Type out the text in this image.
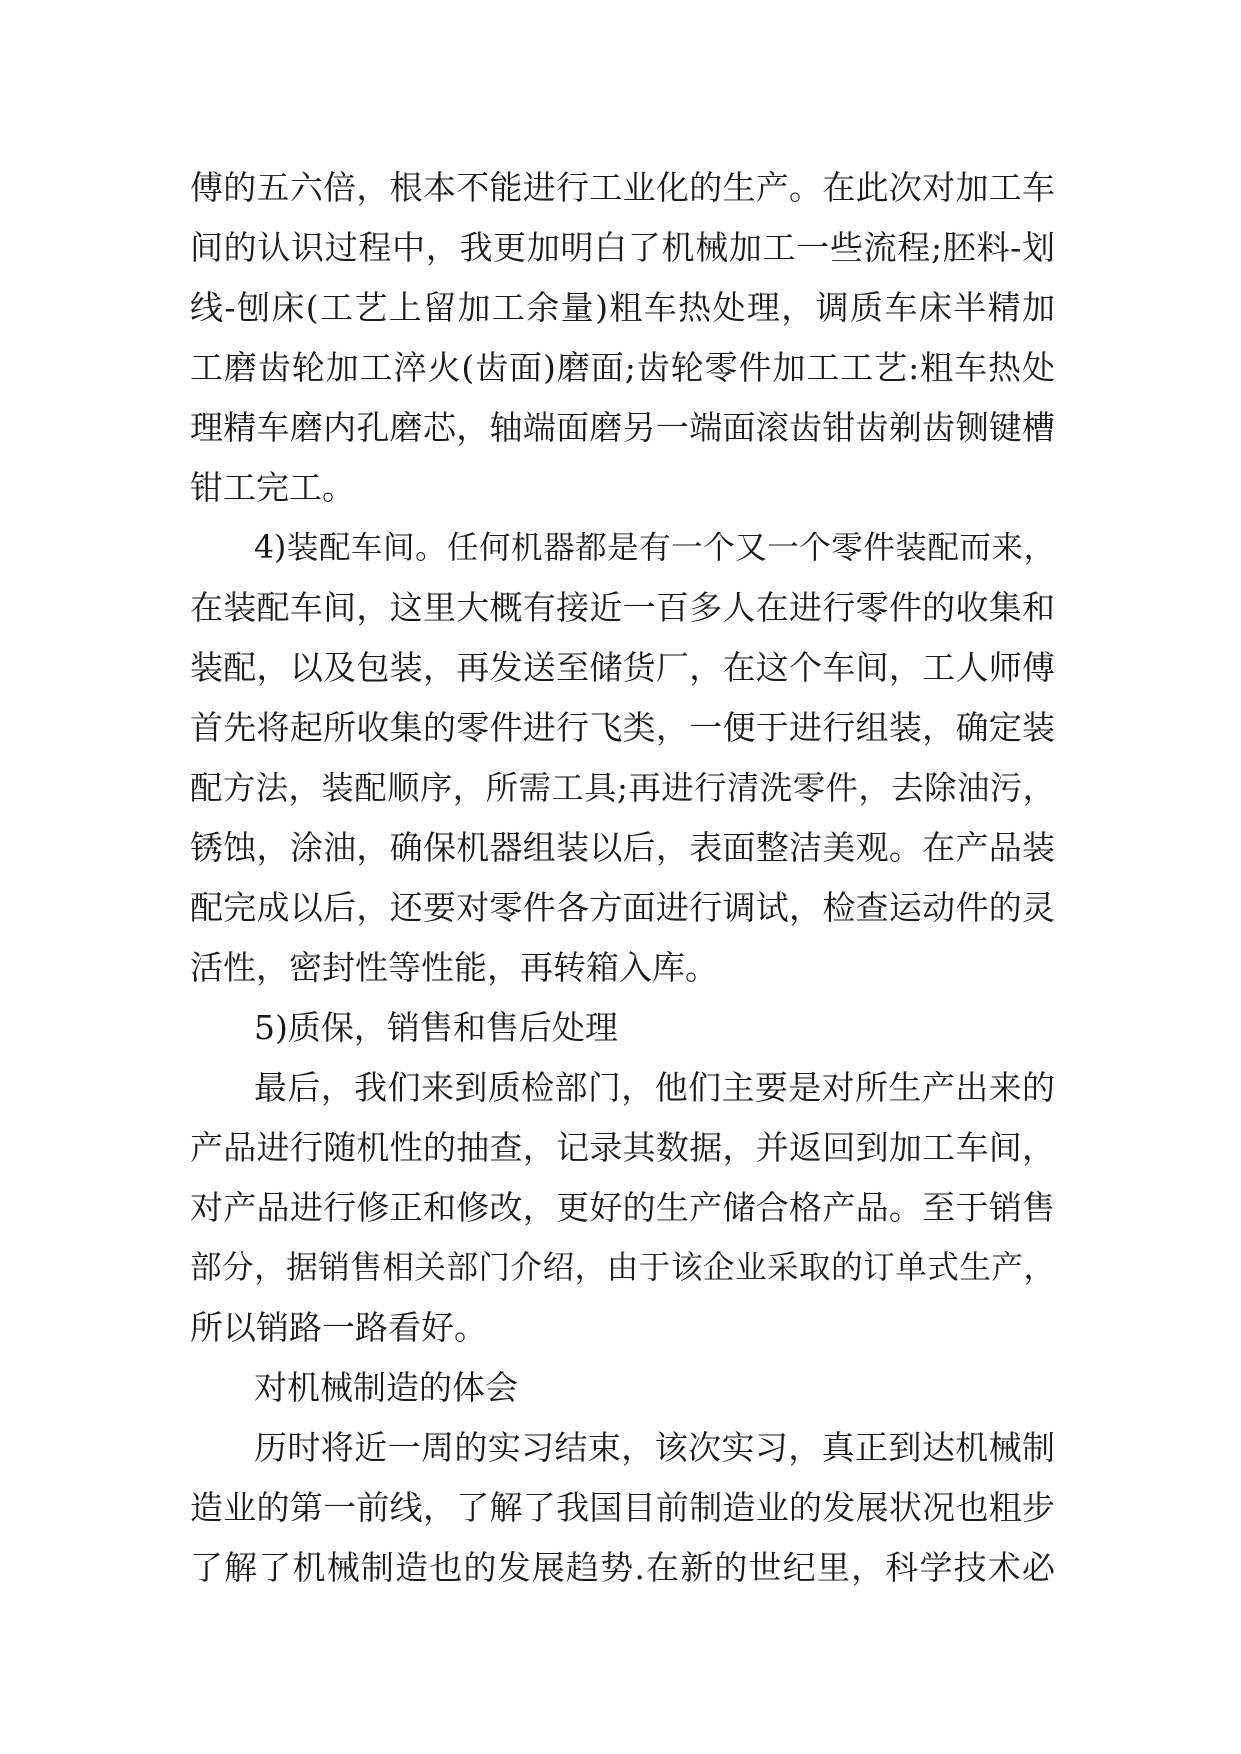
傅的五六倍，根本不能进行工业化的生产。在此次对加工车
间的认识过程中，我更加明白了机械加工一些流程;胚料-划
线-刨床(工艺上留加工余量)粗车热处理，调质车床半精加
工磨齿轮加工淬火(齿面)磨面;齿轮零件加工工艺:粗车热处
理精车磨内孔磨芯，轴端面磨另一端面滚齿钳齿剃齿铡键槽
钳工完工。
4)装配车间。任何机器都是有一个又一个零件装配而来，
在装配车间，这里大概有接近一百多人在进行零件的收集和
装配，以及包装，再发送至储货厂，在这个车间，工人师傅
首先将起所收集的零件进行飞类，一便于进行组装，确定装
配方法，装配顺序，所需工具;再进行清洗零件，去除油污，
锈蚀，涂油，确保机器组装以后，表面整洁美观。在产品装
配完成以后，还要对零件各方面进行调试，检查运动件的灵
活性，密封性等性能，再转箱入库。
5)质保，销售和售后处理
最后，我们来到质检部门，他们主要是对所生产出来的
产品进行随机性的抽查，记录其数据，并返回到加工车间，
对产品进行修正和修改，更好的生产储合格产品。至于销售
部分，据销售相关部门介绍，由于该企业采取的订单式生产，
所以销路一路看好。
对机械制造的体会
历时将近一周的实习结束，该次实习，真正到达机械制
造业的第一前线，了解了我国目前制造业的发展状况也粗步
了解了机械制造也的发展趋势.在新的世纪里，科学技术必
